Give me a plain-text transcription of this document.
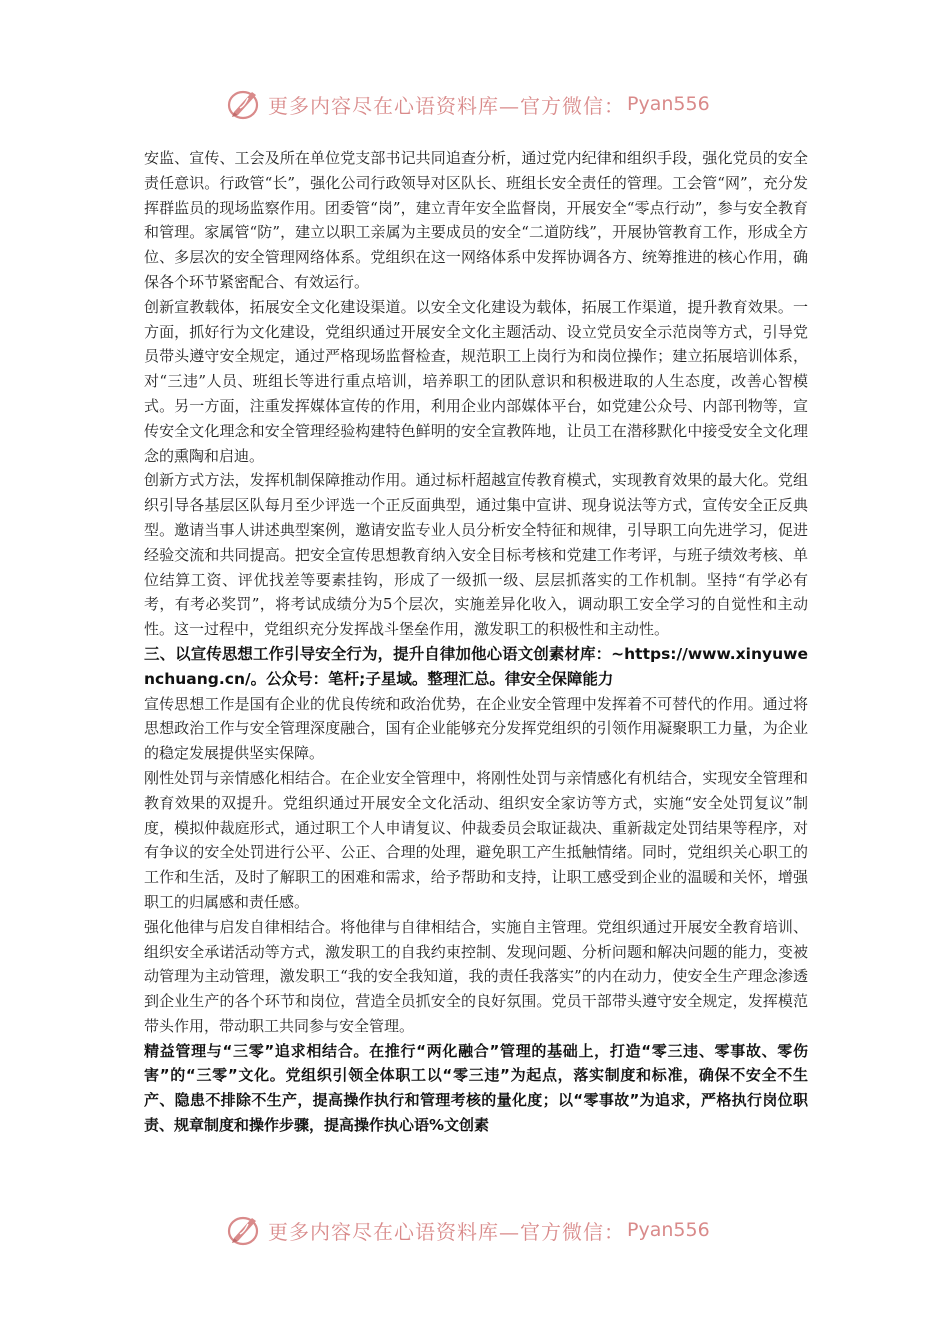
更多内容尽在心语资料库—官方微信： Pyan556

安监、宣传、工会及所在单位党支部书记共同追查分析，通过党内纪律和组织手段，强化党员的安全责任意识。行政管“长”，强化公司行政领导对区队长、班组长安全责任的管理。工会管“网”，充分发挥群监员的现场监察作用。团委管“岗”，建立青年安全监督岗，开展安全“零点行动”，参与安全教育和管理。家属管“防”，建立以职工亲属为主要成员的安全“二道防线”，开展协管教育工作，形成全方位、多层次的安全管理网络体系。党组织在这一网络体系中发挥协调各方、统筹推进的核心作用，确保各个环节紧密配合、有效运行。

创新宣教载体，拓展安全文化建设渠道。以安全文化建设为载体，拓展工作渠道，提升教育效果。一方面，抓好行为文化建设，党组织通过开展安全文化主题活动、设立党员安全示范岗等方式，引导党员带头遵守安全规定，通过严格现场监督检查，规范职工上岗行为和岗位操作；建立拓展培训体系，对“三违”人员、班组长等进行重点培训，培养职工的团队意识和积极进取的人生态度，改善心智模式。另一方面，注重发挥媒体宣传的作用，利用企业内部媒体平台，如党建公众号、内部刊物等，宣传安全文化理念和安全管理经验构建特色鲜明的安全宣教阵地，让员工在潜移默化中接受安全文化理念的熏陶和启迪。

创新方式方法，发挥机制保障推动作用。通过标杆超越宣传教育模式，实现教育效果的最大化。党组织引导各基层区队每月至少评选一个正反面典型，通过集中宣讲、现身说法等方式，宣传安全正反典型。邀请当事人讲述典型案例，邀请安监专业人员分析安全特征和规律，引导职工向先进学习，促进经验交流和共同提高。把安全宣传思想教育纳入安全目标考核和党建工作考评，与班子绩效考核、单位结算工资、评优找差等要素挂钩，形成了一级抓一级、层层抓落实的工作机制。坚持“有学必有考，有考必奖罚”，将考试成绩分为5个层次，实施差异化收入，调动职工安全学习的自觉性和主动性。这一过程中，党组织充分发挥战斗堡垒作用，激发职工的积极性和主动性。

三、以宣传思想工作引导安全行为，提升自律加他心语文创素材库：~https://www.xinyuwenchuang.cn/。公众号：笔杆;子星域。整理汇总。律安全保障能力

宣传思想工作是国有企业的优良传统和政治优势，在企业安全管理中发挥着不可替代的作用。通过将思想政治工作与安全管理深度融合，国有企业能够充分发挥党组织的引领作用凝聚职工力量，为企业的稳定发展提供坚实保障。

刚性处罚与亲情感化相结合。在企业安全管理中，将刚性处罚与亲情感化有机结合，实现安全管理和教育效果的双提升。党组织通过开展安全文化活动、组织安全家访等方式，实施“安全处罚复议”制度，模拟仲裁庭形式，通过职工个人申请复议、仲裁委员会取证裁决、重新裁定处罚结果等程序，对有争议的安全处罚进行公平、公正、合理的处理，避免职工产生抵触情绪。同时，党组织关心职工的工作和生活，及时了解职工的困难和需求，给予帮助和支持，让职工感受到企业的温暖和关怀，增强职工的归属感和责任感。

强化他律与启发自律相结合。将他律与自律相结合，实施自主管理。党组织通过开展安全教育培训、组织安全承诺活动等方式，激发职工的自我约束控制、发现问题、分析问题和解决问题的能力，变被动管理为主动管理，激发职工“我的安全我知道，我的责任我落实”的内在动力，使安全生产理念渗透到企业生产的各个环节和岗位，营造全员抓安全的良好氛围。党员干部带头遵守安全规定，发挥模范带头作用，带动职工共同参与安全管理。

精益管理与“三零”追求相结合。在推行“两化融合”管理的基础上，打造“零三违、零事故、零伤害”的“三零”文化。党组织引领全体职工以“零三违”为起点，落实制度和标准，确保不安全不生产、隐患不排除不生产，提高操作执行和管理考核的量化度；以“零事故”为追求，严格执行岗位职责、规章制度和操作步骤，提高操作执心语%文创素

更多内容尽在心语资料库—官方微信： Pyan556
